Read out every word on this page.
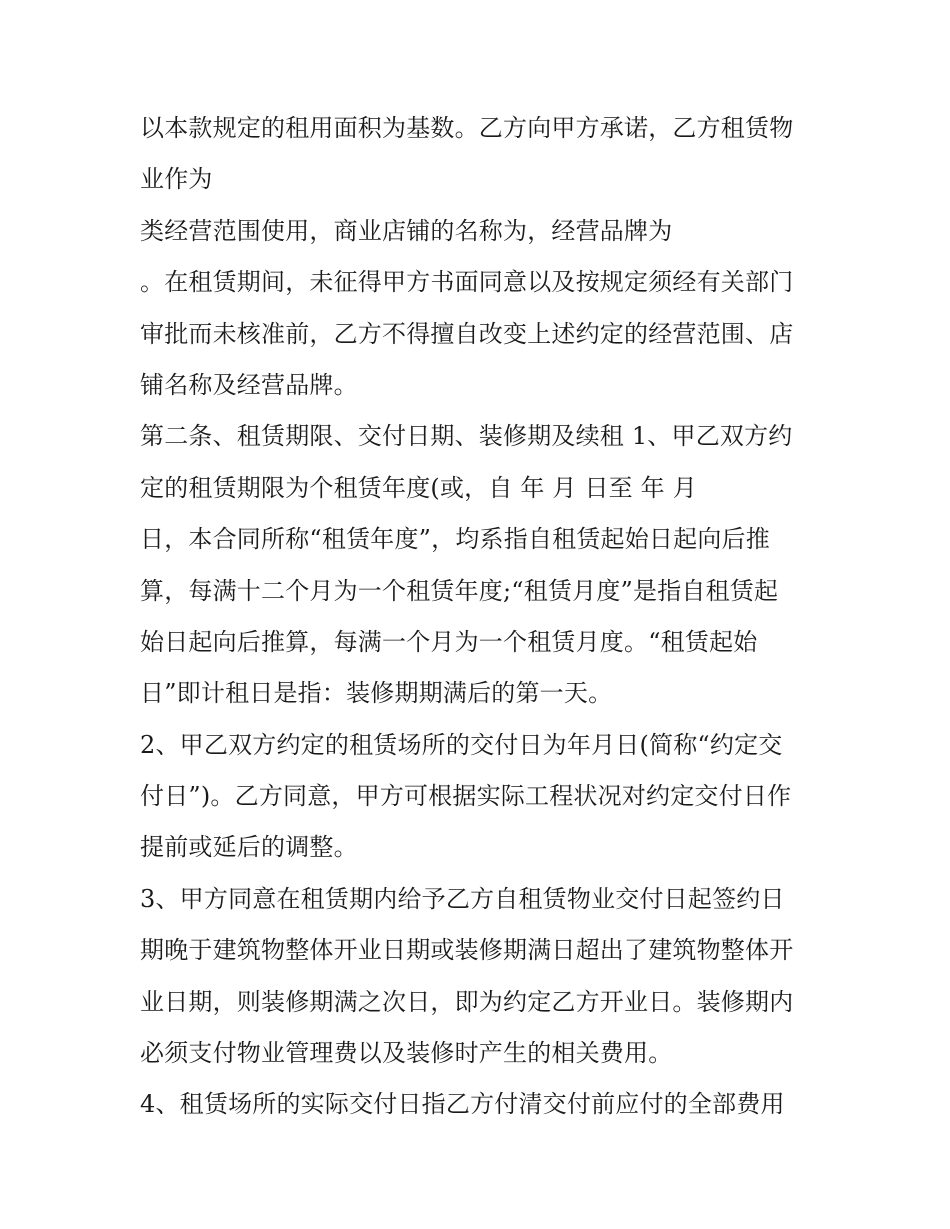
以本款规定的租用面积为基数。乙方向甲方承诺，乙方租赁物
业作为
类经营范围使用，商业店铺的名称为，经营品牌为
。在租赁期间，未征得甲方书面同意以及按规定须经有关部门
审批而未核准前，乙方不得擅自改变上述约定的经营范围、店
铺名称及经营品牌。
第二条、租赁期限、交付日期、装修期及续租 1、甲乙双方约
定的租赁期限为个租赁年度(或，自 年 月 日至 年 月
日，本合同所称“租赁年度”，均系指自租赁起始日起向后推
算，每满十二个月为一个租赁年度;“租赁月度”是指自租赁起
始日起向后推算，每满一个月为一个租赁月度。“租赁起始
日”即计租日是指：装修期期满后的第一天。
2、甲乙双方约定的租赁场所的交付日为年月日(简称“约定交
付日”)。乙方同意，甲方可根据实际工程状况对约定交付日作
提前或延后的调整。
3、甲方同意在租赁期内给予乙方自租赁物业交付日起签约日
期晚于建筑物整体开业日期或装修期满日超出了建筑物整体开
业日期，则装修期满之次日，即为约定乙方开业日。装修期内
必须支付物业管理费以及装修时产生的相关费用。
4、租赁场所的实际交付日指乙方付清交付前应付的全部费用
